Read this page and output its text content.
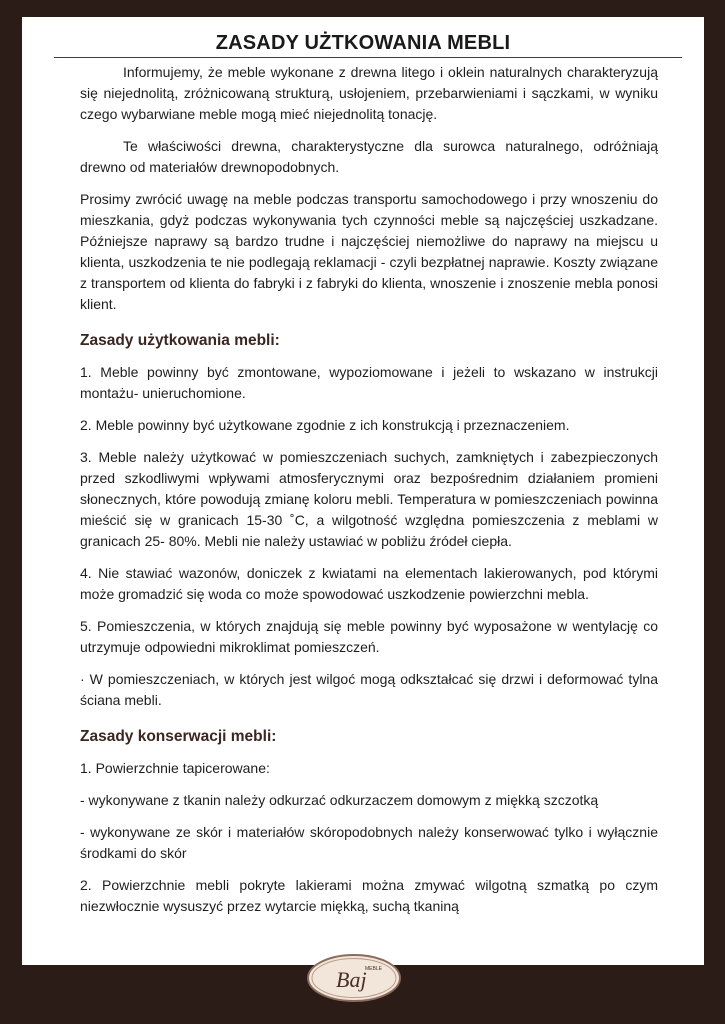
ZASADY UŻTKOWANIA MEBLI

Informujemy, że meble wykonane z drewna litego i oklein naturalnych charakteryzują się niejednolitą, zróżnicowaną strukturą, usłojeniem, przebarwieniami i sączkami, w wyniku czego wybarwiane meble mogą mieć niejednolitą tonację.

Te właściwości drewna, charakterystyczne dla surowca naturalnego, odróżniają drewno od materiałów drewnopodobnych.

Prosimy zwrócić uwagę na meble podczas transportu samochodowego i przy wnoszeniu do mieszkania, gdyż podczas wykonywania tych czynności meble są najczęściej uszkadzane. Późniejsze naprawy są bardzo trudne i najczęściej niemożliwe do naprawy na miejscu u klienta, uszkodzenia te nie podlegają reklamacji - czyli bezpłatnej naprawie. Koszty związane z transportem od klienta do fabryki i z fabryki do klienta, wnoszenie i znoszenie mebla ponosi klient.

Zasady użytkowania mebli:

1. Meble powinny być zmontowane, wypoziomowane i jeżeli to wskazano w instrukcji montażu- unieruchomione.

2. Meble powinny być użytkowane zgodnie z ich konstrukcją i przeznaczeniem.

3. Meble należy użytkować w pomieszczeniach suchych, zamkniętych i zabezpieczonych przed szkodliwymi wpływami atmosferycznymi oraz bezpośrednim działaniem promieni słonecznych, które powodują zmianę koloru mebli. Temperatura w pomieszczeniach powinna mieścić się w granicach 15-30 ˚C, a wilgotność względna pomieszczenia z meblami w granicach 25- 80%. Mebli nie należy ustawiać w pobliżu źródeł ciepła.

4. Nie stawiać wazonów, doniczek z kwiatami na elementach lakierowanych, pod którymi może gromadzić się woda co może spowodować uszkodzenie powierzchni mebla.

5. Pomieszczenia, w których znajdują się meble powinny być wyposażone w wentylację co utrzymuje odpowiedni mikroklimat pomieszczeń.

· W pomieszczeniach, w których jest wilgoć mogą odkształcać się drzwi i deformować tylna ściana mebli.

Zasady konserwacji mebli:

1. Powierzchnie tapicerowane:

- wykonywane z tkanin należy odkurzać odkurzaczem domowym z miękką szczotką

- wykonywane ze skór i materiałów skóropodobnych należy konserwować tylko i wyłącznie środkami do skór

2. Powierzchnie mebli pokryte lakierami można zmywać wilgotną szmatką po czym niezwłocznie wysuszyć przez wytarcie miękką, suchą tkaniną

MEBLE
Baj
